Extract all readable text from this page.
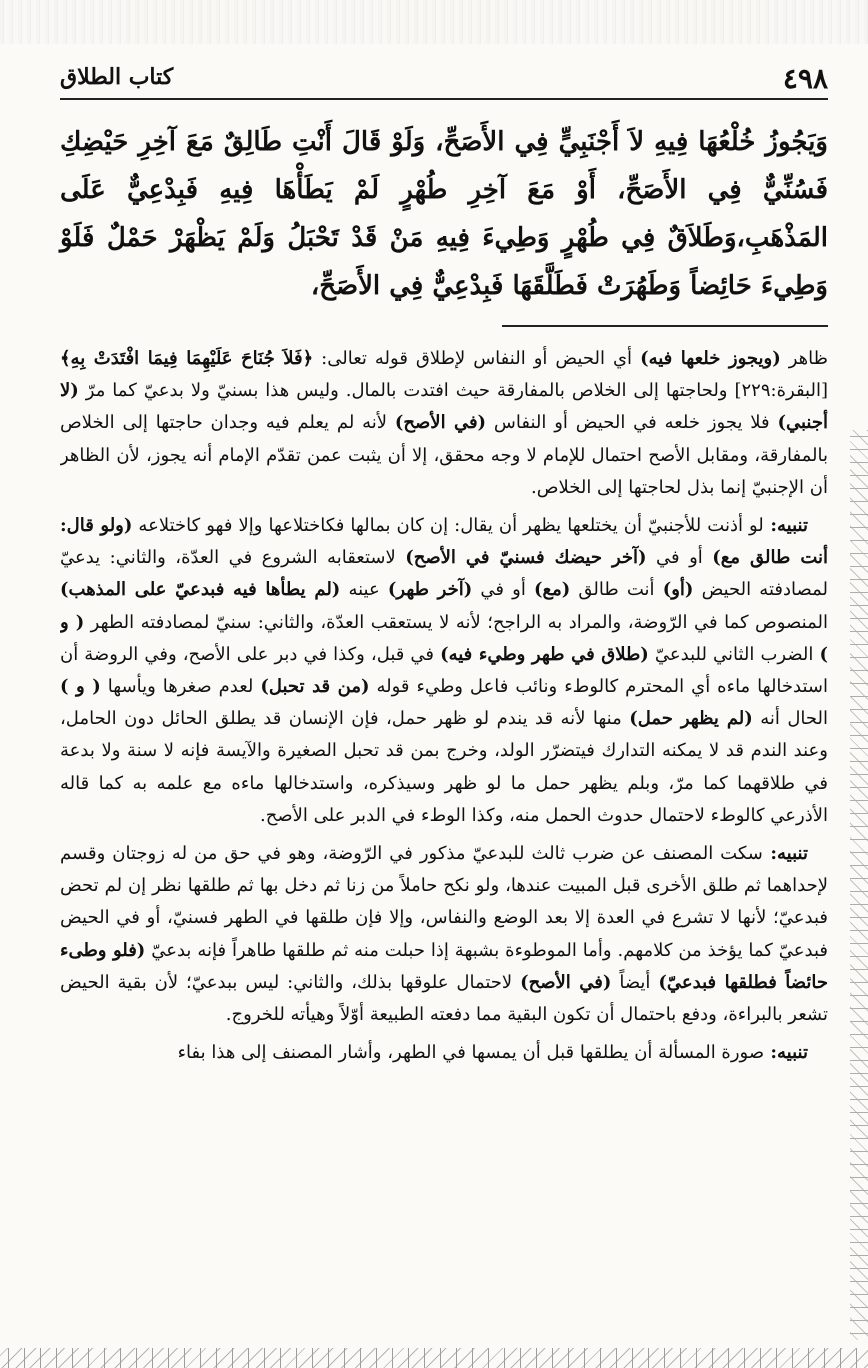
٤٩٨
كتاب الطلاق
وَيَجُوزُ خُلْعُهَا فِيهِ لاَ أَجْنَبِيٍّ فِي الأَصَحِّ، وَلَوْ قَالَ أَنْتِ طَالِقٌ مَعَ آخِرِ حَيْضِكِ فَسُنِّيٌّ فِي الأَصَحِّ، أَوْ مَعَ آخِرِ طُهْرٍ لَمْ يَطَأْهَا فِيهِ فَبِدْعِيٌّ عَلَى المَذْهَبِ،وَطَلاَقٌ فِي طُهْرٍ وَطِيءَ فِيهِ مَنْ قَدْ تَحْبَلُ وَلَمْ يَظْهَرْ حَمْلٌ فَلَوْ وَطِيءَ حَائِضاً وَطَهُرَتْ فَطَلَّقَهَا فَبِدْعِيٌّ فِي الأَصَحِّ،

ظاهر (ويجوز خلعها فيه) أي الحيض أو النفاس لإطلاق قوله تعالى: ﴿فَلاَ جُنَاحَ عَلَيْهِمَا فِيمَا افْتَدَتْ بِهِ﴾ [البقرة:٢٢٩] ولحاجتها إلى الخلاص بالمفارقة حيث افتدت بالمال. وليس هذا بسنيّ ولا بدعيّ كما مرّ (لا أجنبي) فلا يجوز خلعه في الحيض أو النفاس (في الأصح) لأنه لم يعلم فيه وجدان حاجتها إلى الخلاص بالمفارقة، ومقابل الأصح احتمال للإمام لا وجه محقق، إلا أن يثبت عمن تقدّم الإمام أنه يجوز، لأن الظاهر أن الإجنبيّ إنما بذل لحاجتها إلى الخلاص.

تنبيه: لو أذنت للأجنبيّ أن يختلعها يظهر أن يقال: إن كان بمالها فكاختلاعها وإلا فهو كاختلاعه (ولو قال: أنت طالق مع) أو في (آخر حيضك فسنيّ في الأصح) لاستعقابه الشروع في العدّة، والثاني: يدعيّ لمصادفته الحيض (أو) أنت طالق (مع) أو في (آخر طهر) عينه (لم يطأها فيه فبدعيّ على المذهب) المنصوص كما في الرّوضة، والمراد به الراجح؛ لأنه لا يستعقب العدّة، والثاني: سنيّ لمصادفته الطهر ( و ) الضرب الثاني للبدعيّ (طلاق في طهر وطيء فيه) في قبل، وكذا في دبر على الأصح، وفي الروضة أن استدخالها ماءه أي المحترم كالوطء ونائب فاعل وطيء قوله (من قد تحبل) لعدم صغرها ويأسها ( و ) الحال أنه (لم يظهر حمل) منها لأنه قد يندم لو ظهر حمل، فإن الإنسان قد يطلق الحائل دون الحامل، وعند الندم قد لا يمكنه التدارك فيتضرّر الولد، وخرج بمن قد تحبل الصغيرة والآيسة فإنه لا سنة ولا بدعة في طلاقهما كما مرّ، وبلم يظهر حمل ما لو ظهر وسيذكره، واستدخالها ماءه مع علمه به كما قاله الأذرعي كالوطء لاحتمال حدوث الحمل منه، وكذا الوطء في الدبر على الأصح.

تنبيه: سكت المصنف عن ضرب ثالث للبدعيّ مذكور في الرّوضة، وهو في حق من له زوجتان وقسم لإحداهما ثم طلق الأخرى قبل المبيت عندها، ولو نكح حاملاً من زنا ثم دخل بها ثم طلقها نظر إن لم تحض فبدعيّ؛ لأنها لا تشرع في العدة إلا بعد الوضع والنفاس، وإلا فإن طلقها في الطهر فسنيّ، أو في الحيض فبدعيّ كما يؤخذ من كلامهم. وأما الموطوءة بشبهة إذا حبلت منه ثم طلقها طاهراً فإنه بدعيّ (فلو وطىء حائضاً فطلقها فبدعيّ) أيضاً (في الأصح) لاحتمال علوقها بذلك، والثاني: ليس ببدعيّ؛ لأن بقية الحيض تشعر بالبراءة، ودفع باحتمال أن تكون البقية مما دفعته الطبيعة أوّلاً وهيأته للخروج.

تنبيه: صورة المسألة أن يطلقها قبل أن يمسها في الطهر، وأشار المصنف إلى هذا بفاء
